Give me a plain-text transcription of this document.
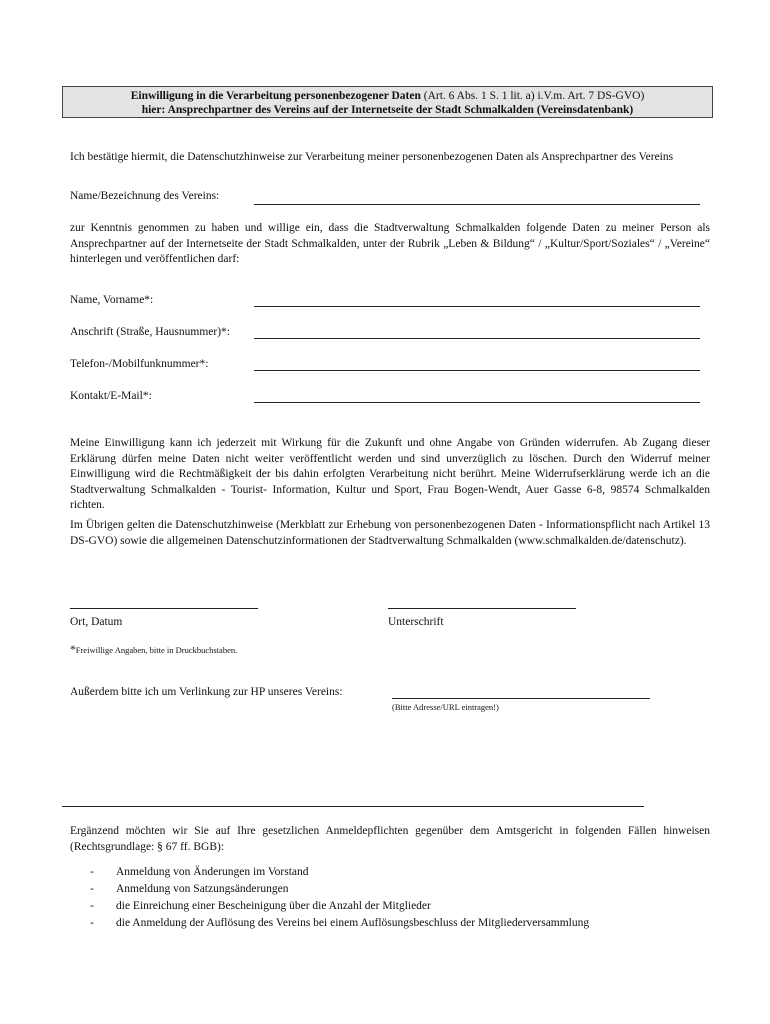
Einwilligung in die Verarbeitung personenbezogener Daten (Art. 6 Abs. 1 S. 1 lit. a) i.V.m. Art. 7 DS-GVO)
hier: Ansprechpartner des Vereins auf der Internetseite der Stadt Schmalkalden (Vereinsdatenbank)

Ich bestätige hiermit, die Datenschutzhinweise zur Verarbeitung meiner personenbezogenen Daten als Ansprechpartner des Vereins

Name/Bezeichnung des Vereins:

zur Kenntnis genommen zu haben und willige ein, dass die Stadtverwaltung Schmalkalden folgende Daten zu meiner Person als Ansprechpartner auf der Internetseite der Stadt Schmalkalden, unter der Rubrik „Leben & Bildung“ / „Kultur/Sport/Soziales“ / „Vereine“ hinterlegen und veröffentlichen darf:

Name, Vorname*:
Anschrift (Straße, Hausnummer)*:
Telefon-/Mobilfunknummer*:
Kontakt/E-Mail*:

Meine Einwilligung kann ich jederzeit mit Wirkung für die Zukunft und ohne Angabe von Gründen widerrufen. Ab Zugang dieser Erklärung dürfen meine Daten nicht weiter veröffentlicht werden und sind unverzüglich zu löschen. Durch den Widerruf meiner Einwilligung wird die Rechtmäßigkeit der bis dahin erfolgten Verarbeitung nicht berührt. Meine Widerrufserklärung werde ich an die Stadtverwaltung Schmalkalden - Tourist- Information, Kultur und Sport, Frau Bogen-Wendt, Auer Gasse 6-8, 98574 Schmalkalden richten.

Im Übrigen gelten die Datenschutzhinweise (Merkblatt zur Erhebung von personenbezogenen Daten - Informationspflicht nach Artikel 13 DS-GVO) sowie die allgemeinen Datenschutzinformationen der Stadtverwaltung Schmalkalden (www.schmalkalden.de/datenschutz).

Ort, Datum	Unterschrift
*Freiwillige Angaben, bitte in Druckbuchstaben.
Außerdem bitte ich um Verlinkung zur HP unseres Vereins:
(Bitte Adresse/URL eintragen!)

Ergänzend möchten wir Sie auf Ihre gesetzlichen Anmeldepflichten gegenüber dem Amtsgericht in folgenden Fällen hinweisen (Rechtsgrundlage: § 67 ff. BGB):

- Anmeldung von Änderungen im Vorstand
- Anmeldung von Satzungsänderungen
- die Einreichung einer Bescheinigung über die Anzahl der Mitglieder
- die Anmeldung der Auflösung des Vereins bei einem Auflösungsbeschluss der Mitgliederversammlung
